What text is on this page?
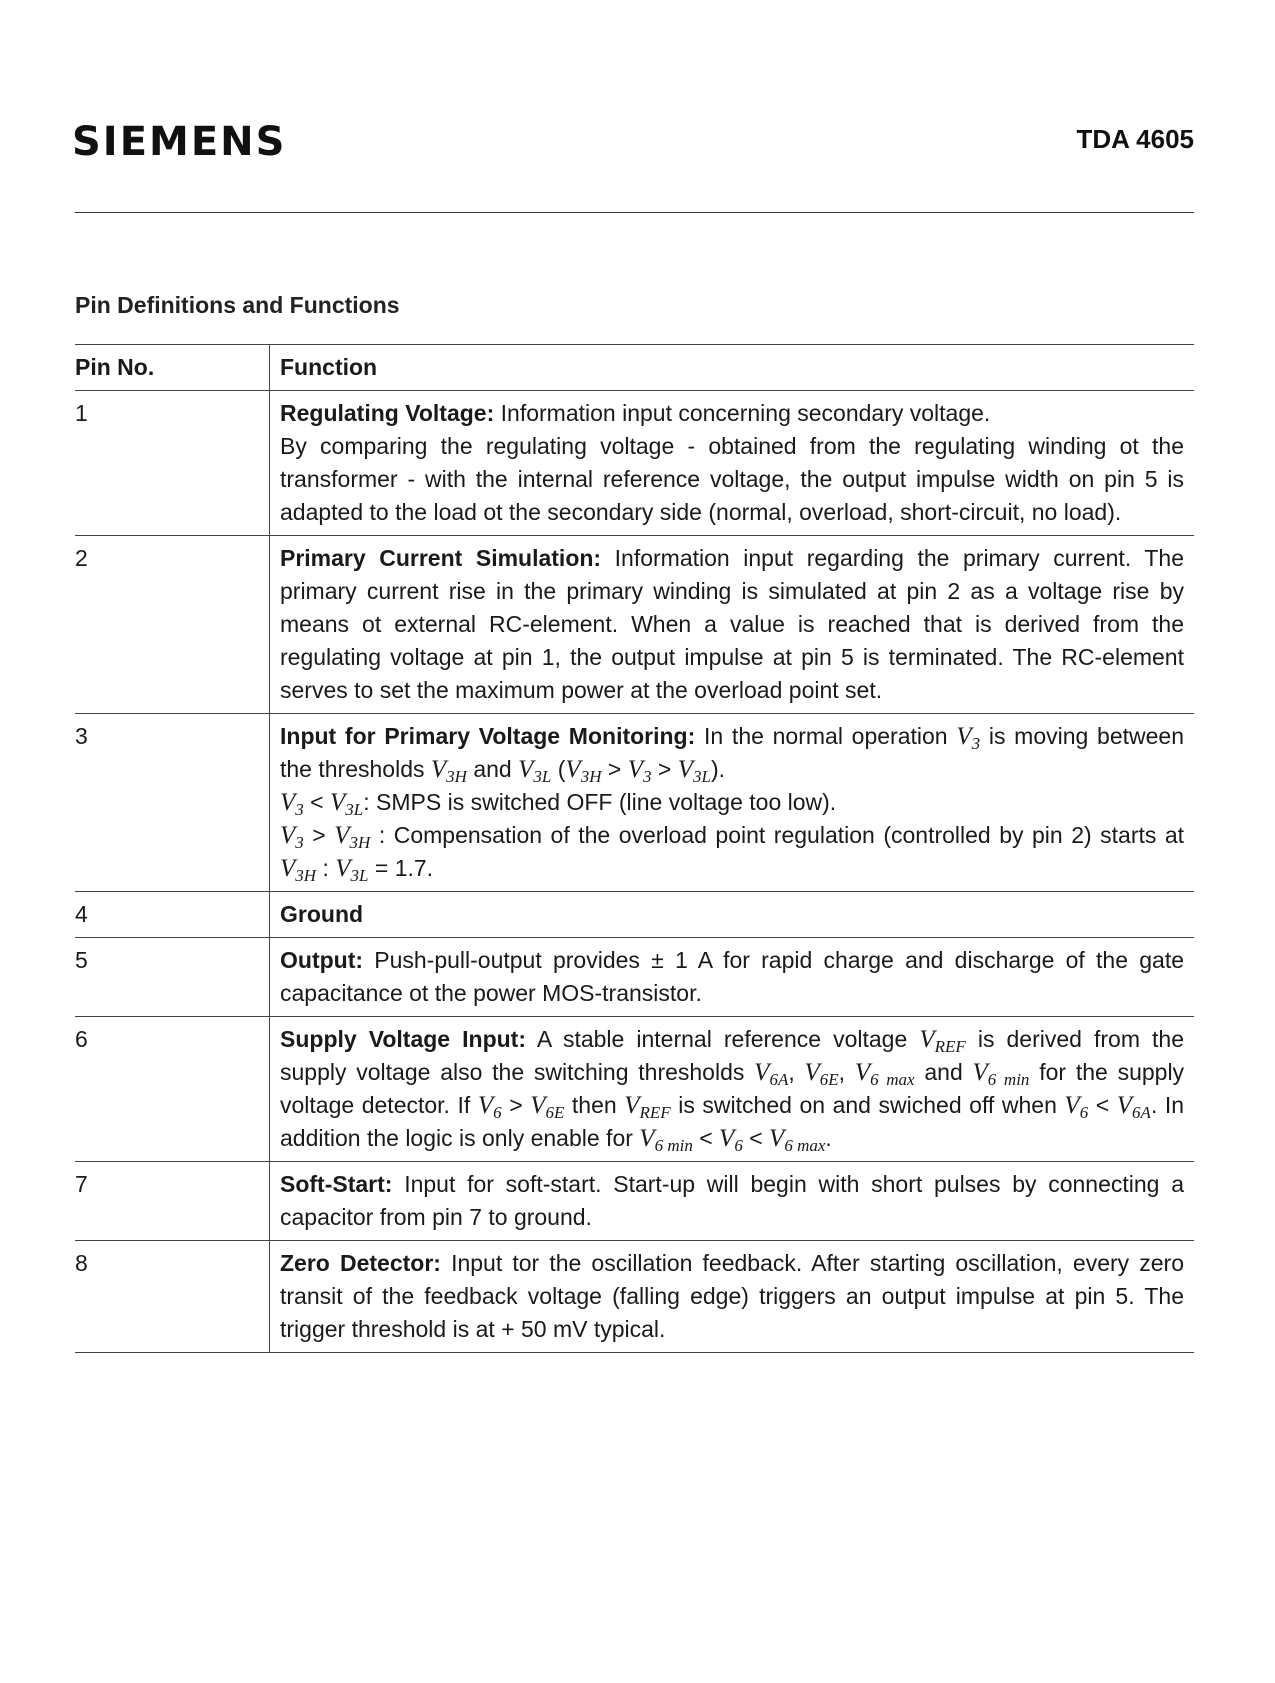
SIEMENS	TDA 4605
Pin Definitions and Functions
Pin No.	Function
1	Regulating Voltage: Information input concerning secondary voltage.
By comparing the regulating voltage - obtained from the regulating winding ot the transformer - with the internal reference voltage, the output impulse width on pin 5 is adapted to the load ot the secondary side (normal, overload, short-circuit, no load).

2	Primary Current Simulation: Information input regarding the primary current. The primary current rise in the primary winding is simulated at pin 2 as a voltage rise by means ot external RC-element. When a value is reached that is derived from the regulating voltage at pin 1, the output impulse at pin 5 is terminated. The RC-element serves to set the maximum power at the overload point set.
3	Input for Primary Voltage Monitoring: In the normal operation $V_3$ is moving between the thresholds $V_{3H}$ and $V_{3L}$ $(V_{3H} > V_3 > V_{3L})$.
$V_3 < V_{3L}$: SMPS is switched OFF (line voltage too low).
$V_3 > V_{3H}$ : Compensation of the overload point regulation (controlled by pin 2) starts at $V_{3H}$ : $V_{3L} = 1.7$.

4	Ground
5	Output: Push-pull-output provides ± 1 A for rapid charge and discharge of the gate capacitance ot the power MOS-transistor.
6	Supply Voltage Input: A stable internal reference voltage $V_{REF}$ is derived from the supply voltage also the switching thresholds $V_{6A}$, $V_{6E}$, $V_{6 max}$ and $V_{6 min}$ for the supply voltage detector. If $V_6 > V_{6E}$ then $V_{REF}$ is switched on and swiched off when $V_6 < V_{6A}$. In addition the logic is only enable for $V_{6 min} < V_6 < V_{6 max}$.
7	Soft-Start: Input for soft-start. Start-up will begin with short pulses by connecting a capacitor from pin 7 to ground.
8	Zero Detector: Input tor the oscillation feedback. After starting oscillation, every zero transit of the feedback voltage (falling edge) triggers an output impulse at pin 5. The trigger threshold is at + 50 mV typical.
